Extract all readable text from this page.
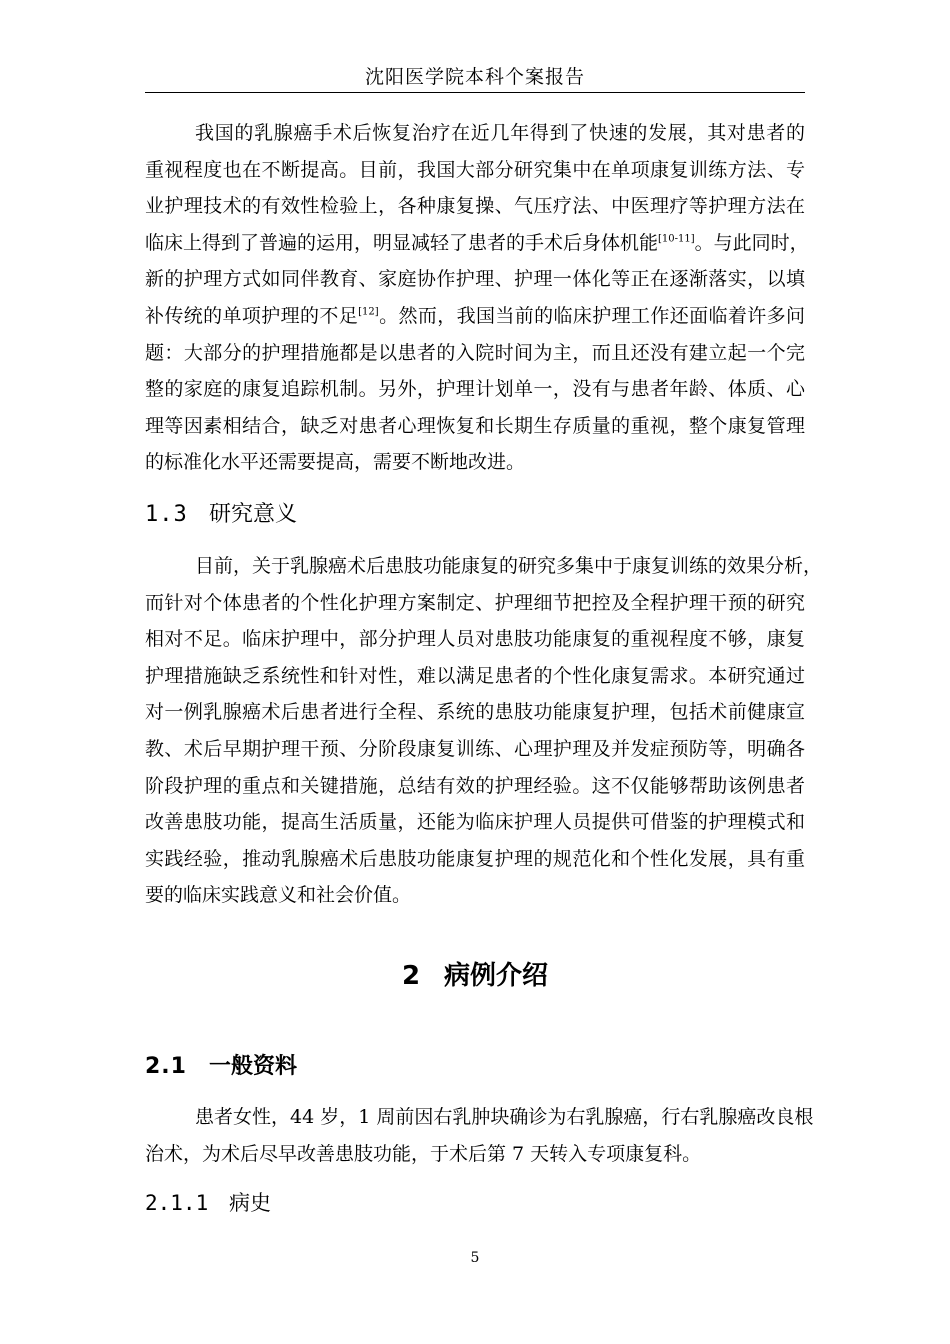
沈阳医学院本科个案报告
我国的乳腺癌手术后恢复治疗在近几年得到了快速的发展，其对患者的
重视程度也在不断提高。目前，我国大部分研究集中在单项康复训练方法、专
业护理技术的有效性检验上，各种康复操、气压疗法、中医理疗等护理方法在
临床上得到了普遍的运用，明显减轻了患者的手术后身体机能[10-11]。与此同时，
新的护理方式如同伴教育、家庭协作护理、护理一体化等正在逐渐落实，以填
补传统的单项护理的不足[12]。然而，我国当前的临床护理工作还面临着许多问
题：大部分的护理措施都是以患者的入院时间为主，而且还没有建立起一个完
整的家庭的康复追踪机制。另外，护理计划单一，没有与患者年龄、体质、心
理等因素相结合，缺乏对患者心理恢复和长期生存质量的重视，整个康复管理
的标准化水平还需要提高，需要不断地改进。
1.3 研究意义
目前，关于乳腺癌术后患肢功能康复的研究多集中于康复训练的效果分析，
而针对个体患者的个性化护理方案制定、护理细节把控及全程护理干预的研究
相对不足。临床护理中，部分护理人员对患肢功能康复的重视程度不够，康复
护理措施缺乏系统性和针对性，难以满足患者的个性化康复需求。本研究通过
对一例乳腺癌术后患者进行全程、系统的患肢功能康复护理，包括术前健康宣
教、术后早期护理干预、分阶段康复训练、心理护理及并发症预防等，明确各
阶段护理的重点和关键措施，总结有效的护理经验。这不仅能够帮助该例患者
改善患肢功能，提高生活质量，还能为临床护理人员提供可借鉴的护理模式和
实践经验，推动乳腺癌术后患肢功能康复护理的规范化和个性化发展，具有重
要的临床实践意义和社会价值。
2 病例介绍
2.1 一般资料
患者女性，44 岁，1 周前因右乳肿块确诊为右乳腺癌，行右乳腺癌改良根
治术，为术后尽早改善患肢功能，于术后第 7 天转入专项康复科。
2.1.1 病史
5
